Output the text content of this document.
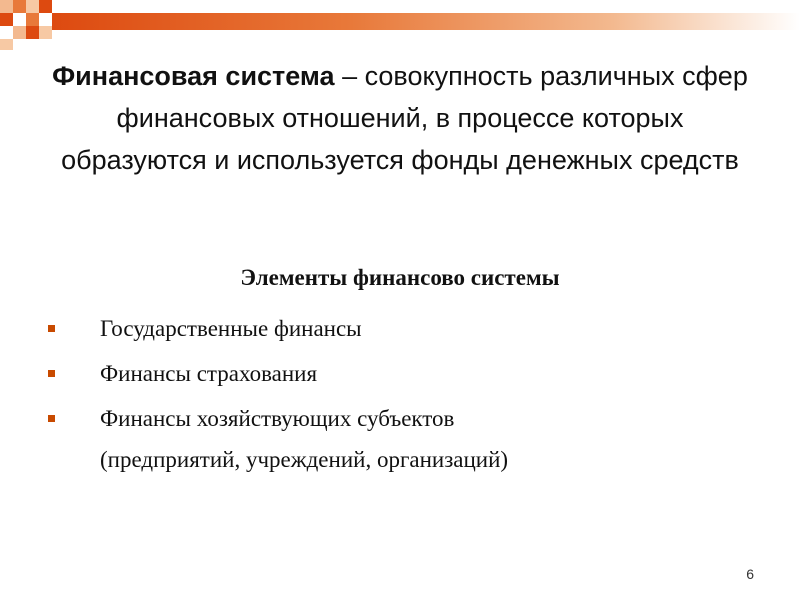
Финансовая система – совокупность различных сфер финансовых отношений, в процессе которых образуются и используется фонды денежных средств
Элементы финансово системы
Государственные финансы
Финансы страхования
Финансы хозяйствующих субъектов
(предприятий, учреждений, организаций)
6
